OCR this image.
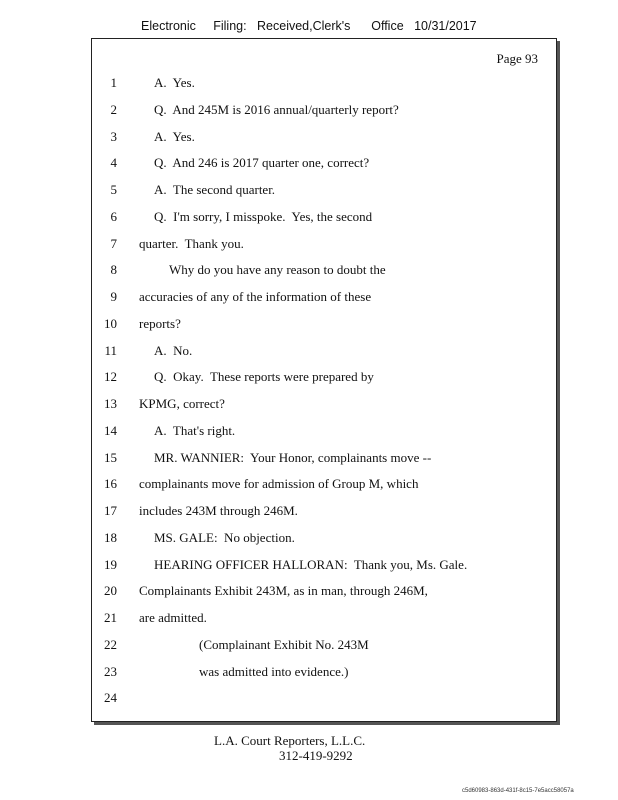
Electronic     Filing:   Received,Clerk's      Office   10/31/2017
Page 93
1	A.  Yes.
2	Q.  And 245M is 2016 annual/quarterly report?
3	A.  Yes.
4	Q.  And 246 is 2017 quarter one, correct?
5	A.  The second quarter.
6	Q.  I'm sorry, I misspoke.  Yes, the second
7 quarter.  Thank you.
8	Why do you have any reason to doubt the
9 accuracies of any of the information of these
10 reports?
11	A.  No.
12	Q.  Okay.  These reports were prepared by
13 KPMG, correct?
14	A.  That's right.
15	MR. WANNIER:  Your Honor, complainants move --
16 complainants move for admission of Group M, which
17 includes 243M through 246M.
18	MS. GALE:  No objection.
19	HEARING OFFICER HALLORAN:  Thank you, Ms. Gale.
20 Complainants Exhibit 243M, as in man, through 246M,
21 are admitted.
22	(Complainant Exhibit No. 243M
23	was admitted into evidence.)
24
L.A. Court Reporters, L.L.C.
312-419-9292
c5d60983-863d-431f-8c15-7e5acc58057a
